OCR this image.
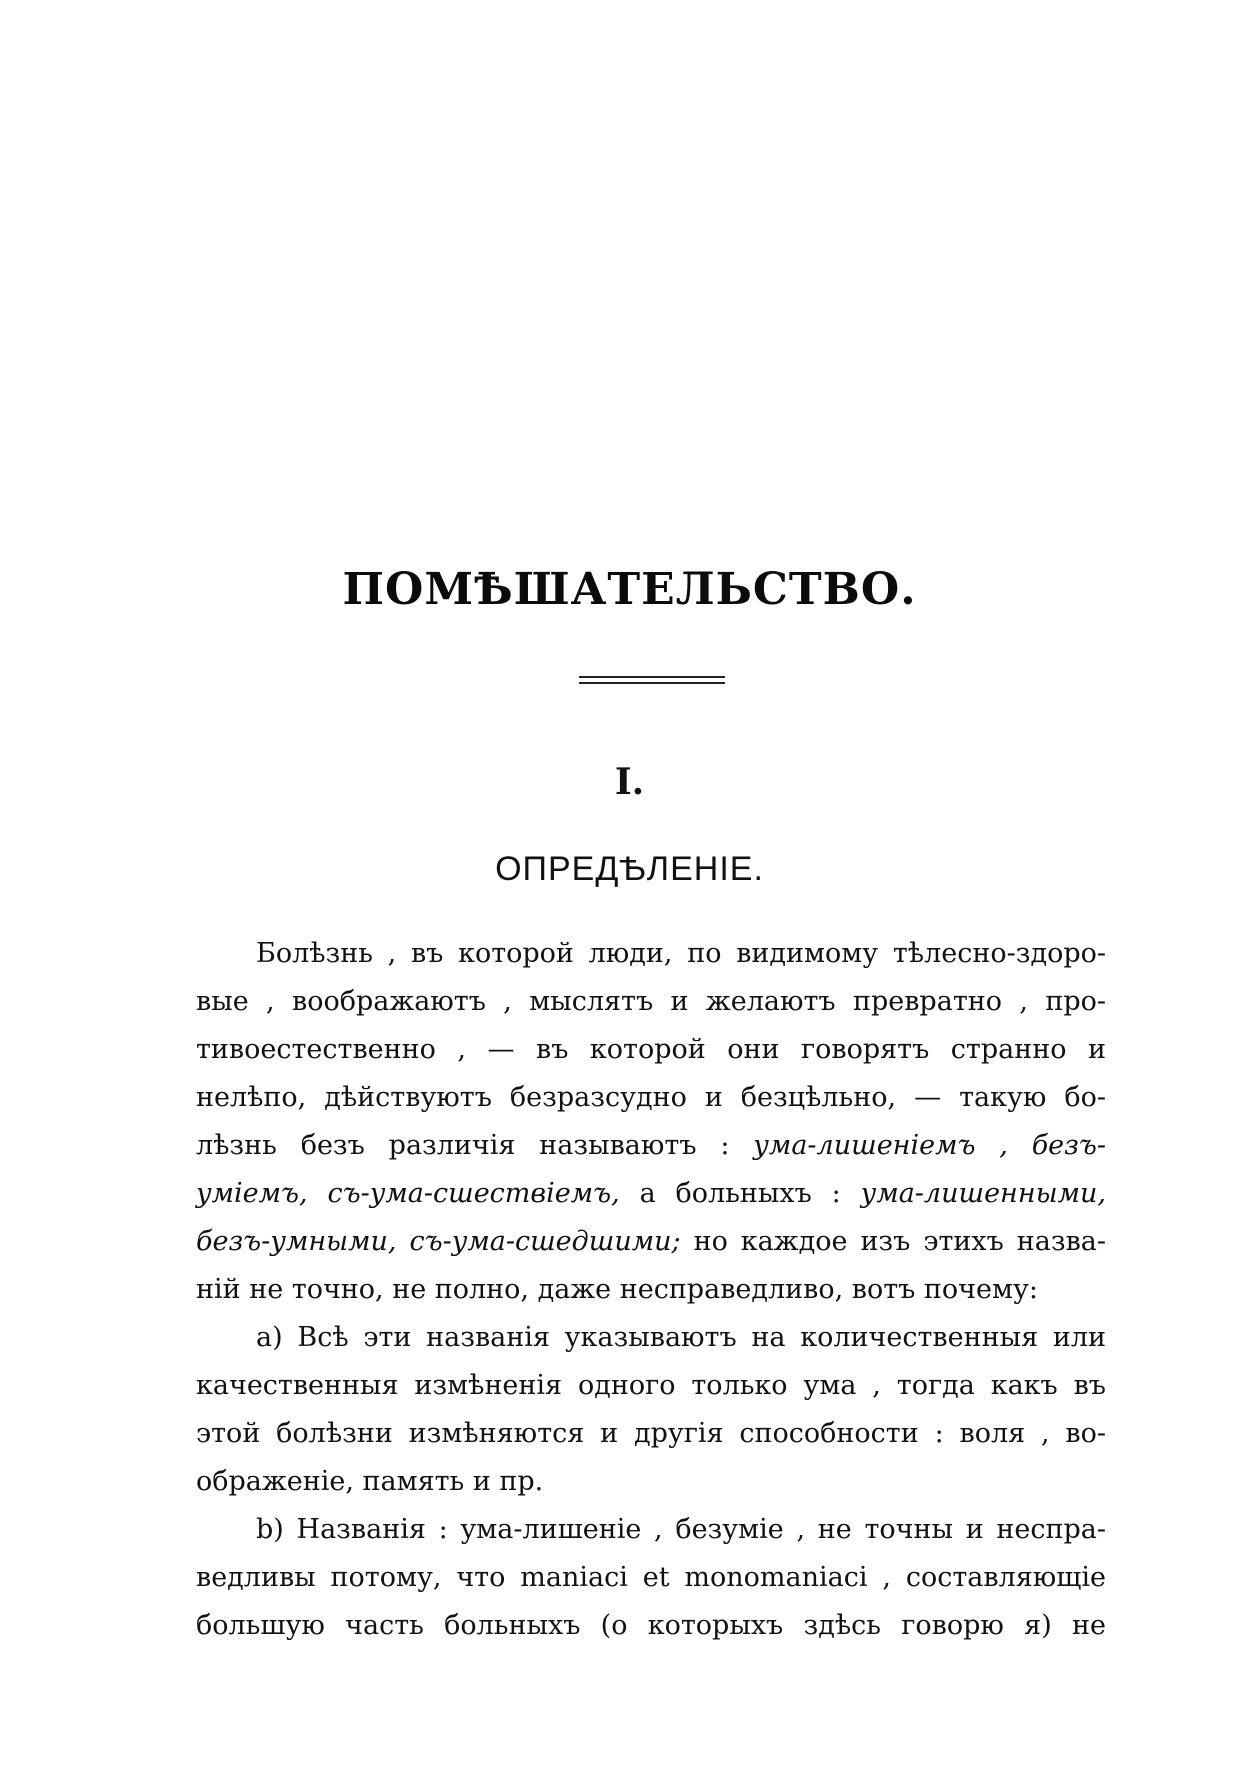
ПОМѢШАТЕЛЬСТВО.
I.
ОПРЕДѢЛЕНІЕ.
Болѣзнь , въ которой люди, по видимому тѣлесно-здоро-
вые , воображаютъ , мыслятъ и желаютъ превратно , про-
тивоестественно , — въ которой они говорятъ странно и
нелѣпо, дѣйствуютъ безразсудно и безцѣльно, — такую бо-
лѣзнь безъ различія называютъ : ума-лишеніемъ , безъ-
уміемъ, съ-ума-сшествіемъ, а больныхъ : ума-лишенными,
безъ-умными, съ-ума-сшедшими; но каждое изъ этихъ назва-
ній не точно, не полно, даже несправедливо, вотъ почему:
a) Всѣ эти названія указываютъ на количественныя или
качественныя измѣненія одного только ума , тогда какъ въ
этой болѣзни измѣняются и другія способности : воля , во-
ображеніе, память и пр.
b) Названія : ума-лишеніе , безуміе , не точны и неспра-
ведливы потому, что maniaci et monomaniaci , составляющіе
большую часть больныхъ (о которыхъ здѣсь говорю я) не
